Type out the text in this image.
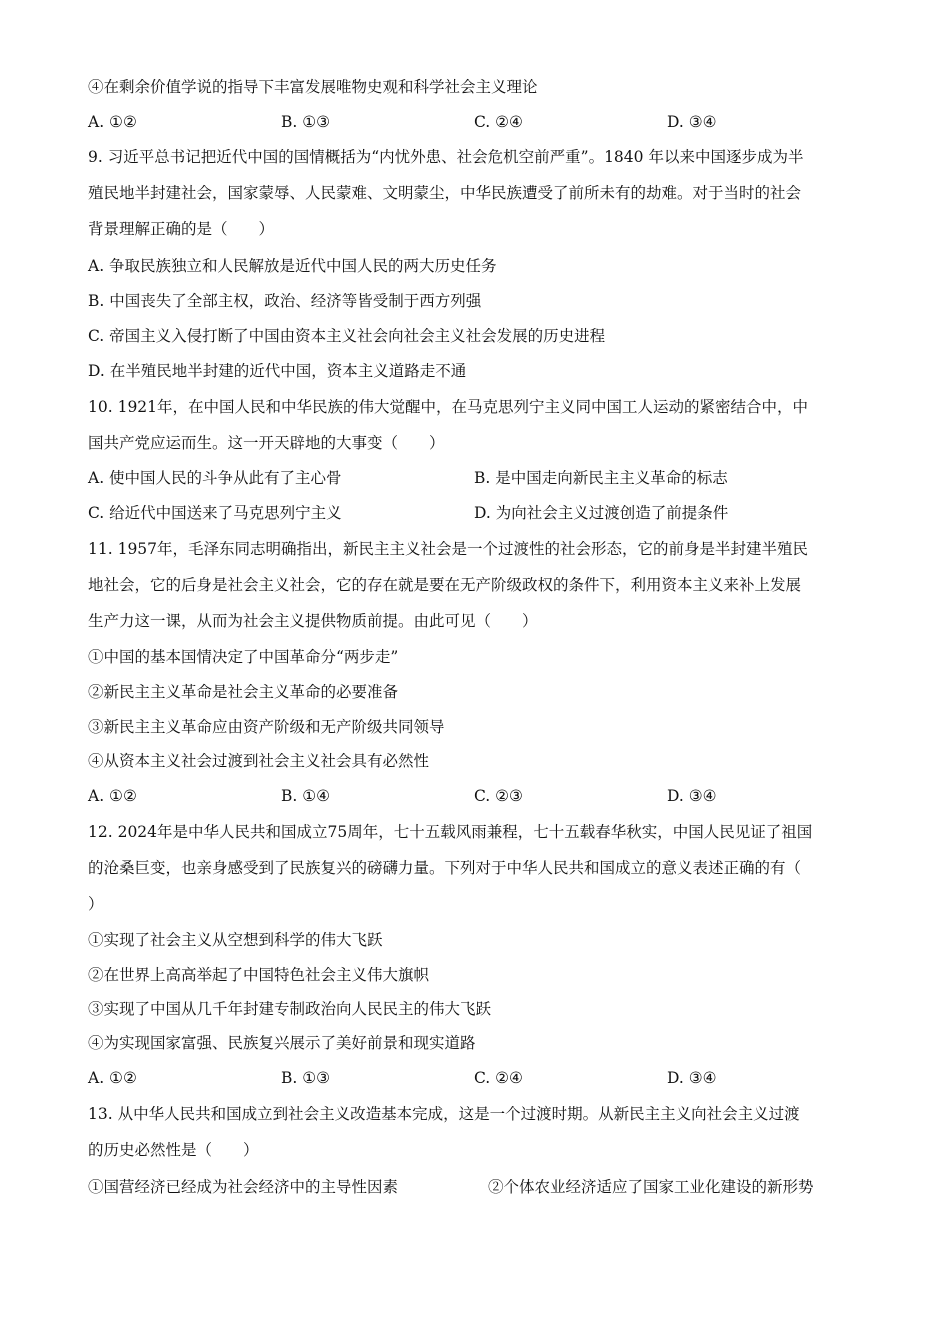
④在剩余价值学说的指导下丰富发展唯物史观和科学社会主义理论
A. ①②	B. ①③	C. ②④	D. ③④
9. 习近平总书记把近代中国的国情概括为“内忧外患、社会危机空前严重”。1840 年以来中国逐步成为半
殖民地半封建社会，国家蒙辱、人民蒙难、文明蒙尘，中华民族遭受了前所未有的劫难。对于当时的社会
背景理解正确的是（　　）
A. 争取民族独立和人民解放是近代中国人民的两大历史任务
B. 中国丧失了全部主权，政治、经济等皆受制于西方列强
C. 帝国主义入侵打断了中国由资本主义社会向社会主义社会发展的历史进程
D. 在半殖民地半封建的近代中国，资本主义道路走不通
10. 1921年，在中国人民和中华民族的伟大觉醒中，在马克思列宁主义同中国工人运动的紧密结合中，中
国共产党应运而生。这一开天辟地的大事变（　　）
A. 使中国人民的斗争从此有了主心骨	B. 是中国走向新民主主义革命的标志
C. 给近代中国送来了马克思列宁主义	D. 为向社会主义过渡创造了前提条件
11. 1957年，毛泽东同志明确指出，新民主主义社会是一个过渡性的社会形态，它的前身是半封建半殖民
地社会，它的后身是社会主义社会，它的存在就是要在无产阶级政权的条件下，利用资本主义来补上发展
生产力这一课，从而为社会主义提供物质前提。由此可见（　　）
①中国的基本国情决定了中国革命分“两步走”
②新民主主义革命是社会主义革命的必要准备
③新民主主义革命应由资产阶级和无产阶级共同领导
④从资本主义社会过渡到社会主义社会具有必然性
A. ①②	B. ①④	C. ②③	D. ③④
12. 2024年是中华人民共和国成立75周年，七十五载风雨兼程，七十五载春华秋实，中国人民见证了祖国
的沧桑巨变，也亲身感受到了民族复兴的磅礴力量。下列对于中华人民共和国成立的意义表述正确的有（
）
①实现了社会主义从空想到科学的伟大飞跃
②在世界上高高举起了中国特色社会主义伟大旗帜
③实现了中国从几千年封建专制政治向人民民主的伟大飞跃
④为实现国家富强、民族复兴展示了美好前景和现实道路
A. ①②	B. ①③	C. ②④	D. ③④
13. 从中华人民共和国成立到社会主义改造基本完成，这是一个过渡时期。从新民主主义向社会主义过渡
的历史必然性是（　　）
①国营经济已经成为社会经济中的主导性因素	②个体农业经济适应了国家工业化建设的新形势
